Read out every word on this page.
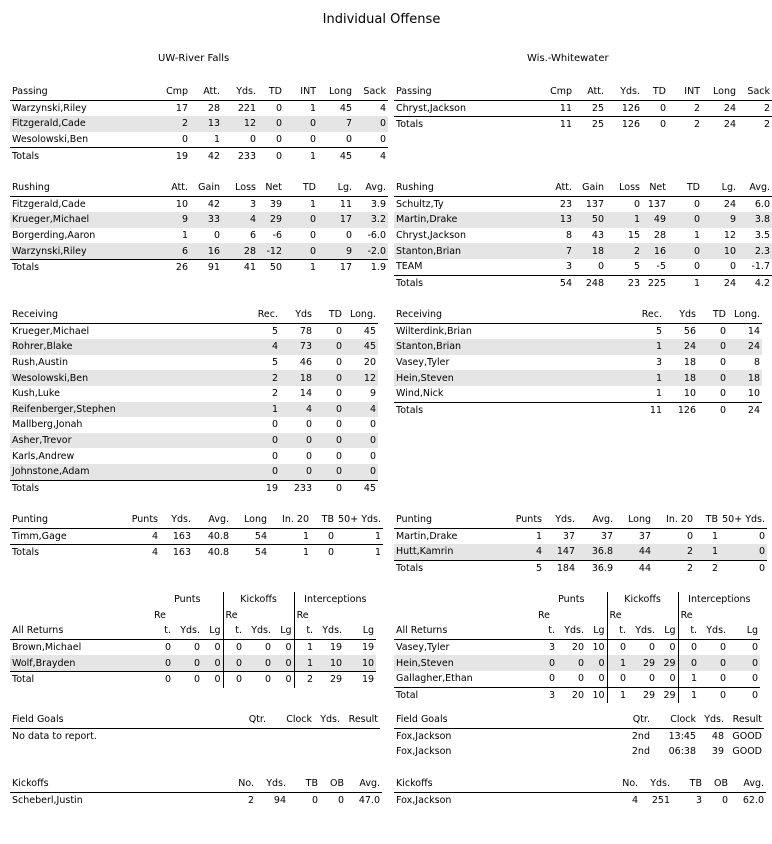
Individual Offense
UW-River Falls	Wis.-Whitewater
Passing	Cmp	Att.	Yds.	TD	INT	Long	Sack
Warzynski,Riley	17	28	221	0	1	45	4
Fitzgerald,Cade	2	13	12	0	0	7	0
Wesolowski,Ben	0	1	0	0	0	0	0
Totals	19	42	233	0	1	45	4
Passing	Cmp	Att.	Yds.	TD	INT	Long	Sack
Chryst,Jackson	11	25	126	0	2	24	2
Totals	11	25	126	0	2	24	2
Rushing	Att.	Gain	Loss	Net	TD	Lg.	Avg.
Fitzgerald,Cade	10	42	3	39	1	11	3.9
Krueger,Michael	9	33	4	29	0	17	3.2
Borgerding,Aaron	1	0	6	-6	0	0	-6.0
Warzynski,Riley	6	16	28	-12	0	9	-2.0
Totals	26	91	41	50	1	17	1.9
Rushing	Att.	Gain	Loss	Net	TD	Lg.	Avg.
Schultz,Ty	23	137	0	137	0	24	6.0
Martin,Drake	13	50	1	49	0	9	3.8
Chryst,Jackson	8	43	15	28	1	12	3.5
Stanton,Brian	7	18	2	16	0	10	2.3
TEAM	3	0	5	-5	0	0	-1.7
Totals	54	248	23	225	1	24	4.2
Receiving	Rec.	Yds	TD	Long.
Krueger,Michael	5	78	0	45
Rohrer,Blake	4	73	0	45
Rush,Austin	5	46	0	20
Wesolowski,Ben	2	18	0	12
Kush,Luke	2	14	0	9
Reifenberger,Stephen	1	4	0	4
Mallberg,Jonah	0	0	0	0
Asher,Trevor	0	0	0	0
Karls,Andrew	0	0	0	0
Johnstone,Adam	0	0	0	0
Totals	19	233	0	45
Receiving	Rec.	Yds	TD	Long.
Wilterdink,Brian	5	56	0	14
Stanton,Brian	1	24	0	24
Vasey,Tyler	3	18	0	8
Hein,Steven	1	18	0	18
Wind,Nick	1	10	0	10
Totals	11	126	0	24
Punting	Punts	Yds.	Avg.	Long	In. 20	TB	50+ Yds.
Timm,Gage	4	163	40.8	54	1	0	1
Totals	4	163	40.8	54	1	0	1
Punting	Punts	Yds.	Avg.	Long	In. 20	TB	50+ Yds.
Martin,Drake	1	37	37	37	0	1	0
Hutt,Kamrin	4	147	36.8	44	2	1	0
Totals	5	184	36.9	44	2	2	0
	Punts			Kickoffs			Interceptions		
	Re			Re			Re		
All Returns	t.	Yds.	Lg	t.	Yds.	Lg	t.	Yds.	Lg
Brown,Michael	0	0	0	0	0	0	1	19	19
Wolf,Brayden	0	0	0	0	0	0	1	10	10
Total	0	0	0	0	0	0	2	29	19
	Punts			Kickoffs			Interceptions		
	Re			Re			Re		
All Returns	t.	Yds.	Lg	t.	Yds.	Lg	t.	Yds.	Lg
Vasey,Tyler	3	20	10	0	0	0	0	0	0
Hein,Steven	0	0	0	1	29	29	0	0	0
Gallagher,Ethan	0	0	0	0	0	0	1	0	0
Total	3	20	10	1	29	29	1	0	0
Field Goals	Qtr.	Clock	Yds.	Result
No data to report.
Field Goals	Qtr.	Clock	Yds.	Result
Fox,Jackson	2nd	13:45	48	GOOD
Fox,Jackson	2nd	06:38	39	GOOD
Kickoffs	No.	Yds.	TB	OB	Avg.
Scheberl,Justin	2	94	0	0	47.0
Kickoffs	No.	Yds.	TB	OB	Avg.
Fox,Jackson	4	251	3	0	62.0
